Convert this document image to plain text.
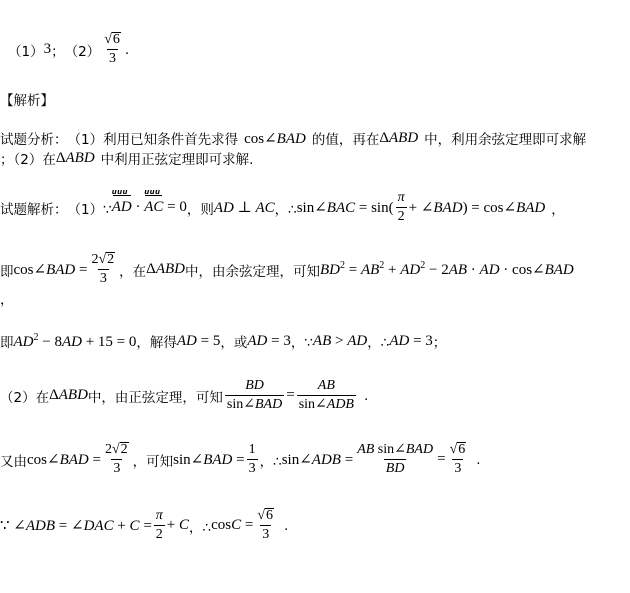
（1） 3 ； $(2) \frac{√ 6}{3}$ .
【解析】
试题分析： （1）利用已知条件首先求得 cos∠BAD 的值，再在 ΔABD 中，利用余弦定理即可求解
；（2）在 ΔABD 中利用正弦定理即可求解.
试题解析： （1）∵ AD u u u · AC u u u = 0 ，则 AD ⊥ AC ，∴ sin∠BAC = $\sin( \frac{\pi}{2}$ + ∠BAD) = cos∠BAD ，
即 cos∠BAD = $\frac{2√ 2}{3}$ ，在 ΔABD 中，由余弦定理，可知 $BD^2 = AB^2 + AD^2 - 2AB$ · AD · cos∠BAD
，
即 $AD^2 - 8AD + 15 = 0$ ，解得 AD = 5 ，或 AD = 3 ，∵ AB > AD ，∴ AD = 3 ；
（2）在 ΔABD 中，由正弦定理，可知 $\frac{BD}{\text{sin∠BAD}} = \frac{AB}{\text{sin∠ADB}}$ .
又由 cos∠BAD = $\frac{2√ 2}{3}$ ，可知 sin∠BAD = $\frac{1}{3}$ ，∴ sin∠ADB = $\frac{\text{AB sin∠BAD}}{BD} = \frac{√ 6}{3}$ .
∵ ∠ADB = ∠DAC + $C = \frac{\pi}{2} + C$ ，∴ $\cos C = \frac{√ 6}{3}$ .
